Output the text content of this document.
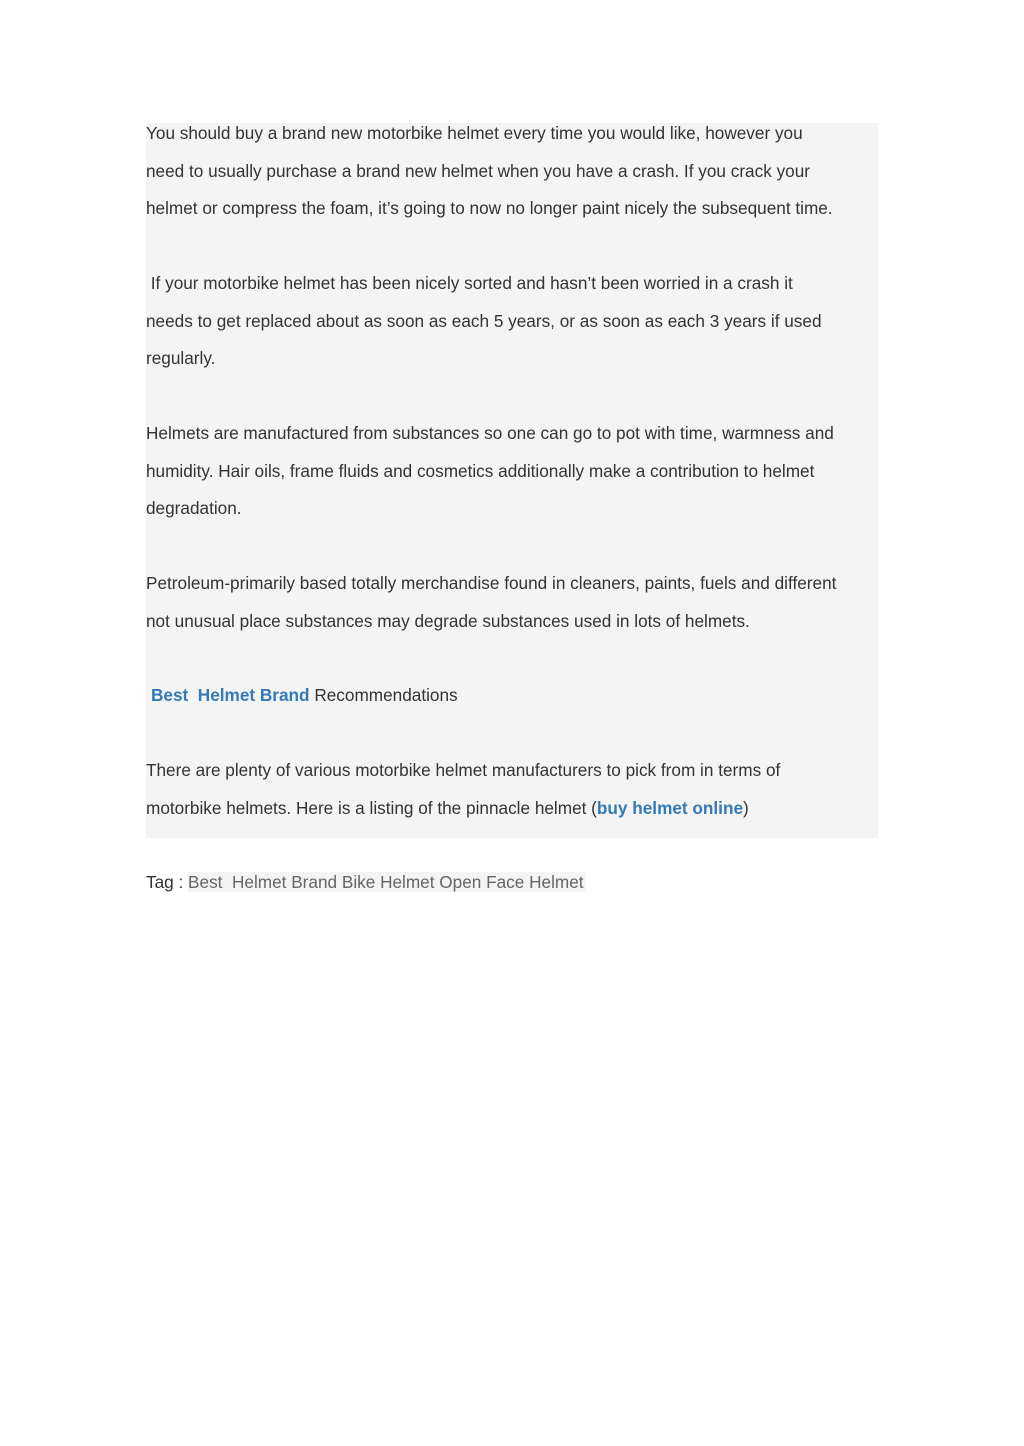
You should buy a brand new motorbike helmet every time you would like, however you
need to usually purchase a brand new helmet when you have a crash. If you crack your
helmet or compress the foam, it’s going to now no longer paint nicely the subsequent time.

If your motorbike helmet has been nicely sorted and hasn’t been worried in a crash it
needs to get replaced about as soon as each 5 years, or as soon as each 3 years if used
regularly.

Helmets are manufactured from substances so one can go to pot with time, warmness and
humidity. Hair oils, frame fluids and cosmetics additionally make a contribution to helmet
degradation.

Petroleum-primarily based totally merchandise found in cleaners, paints, fuels and different
not unusual place substances may degrade substances used in lots of helmets.

Best  Helmet Brand Recommendations

There are plenty of various motorbike helmet manufacturers to pick from in terms of
motorbike helmets. Here is a listing of the pinnacle helmet (buy helmet online)

Tag : Best  Helmet Brand Bike Helmet Open Face Helmet
